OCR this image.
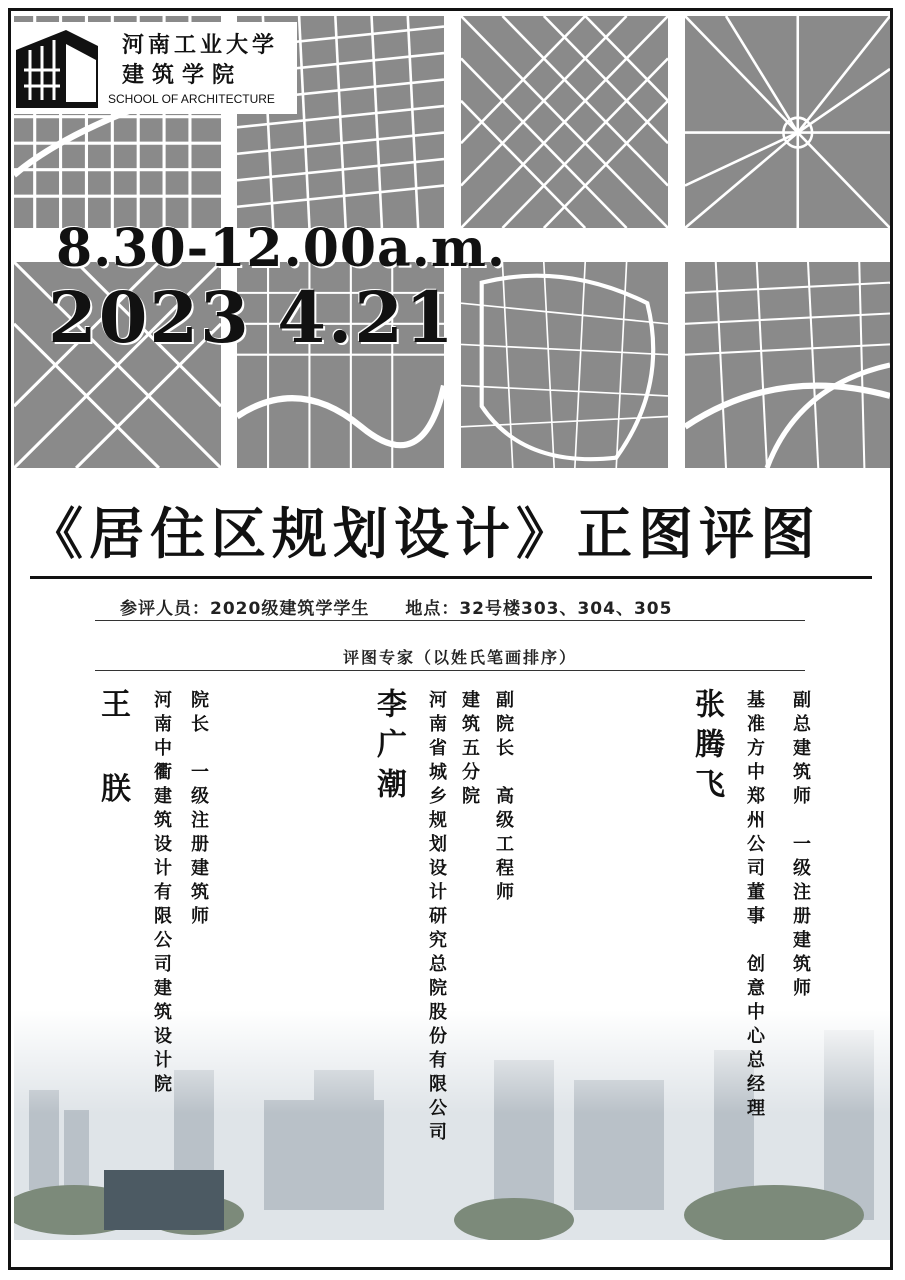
河南工业大学
建筑学院
SCHOOL OF ARCHITECTURE
8.30-12.00a.m.
2023 4.21
《居住区规划设计》正图评图
参评人员：2020级建筑学学生 地点：32号楼303、304、305
评图专家（以姓氏笔画排序）
王 朕 河南中衢建筑设计有限公司建筑设计院 院长　一级注册建筑师	李广潮 河南省城乡规划设计研究总院股份有限公司 建筑五分院 副院长　高级工程师	张腾飞 基准方中郑州公司董事　创意中心总经理 副总建筑师　一级注册建筑师
